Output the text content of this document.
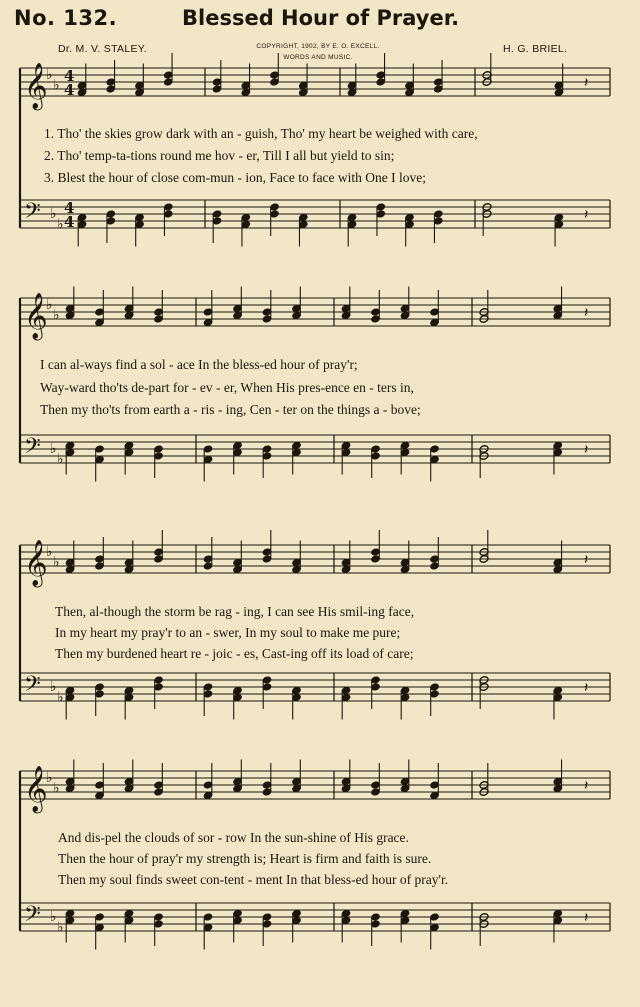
No. 132.	Blessed Hour of Prayer.
Dr. M. V. STALEY.	COPYRIGHT, 1902, BY E. O. EXCELL.
WORDS AND MUSIC.
H. G. BRIEL.
𝄞
♭
♭
4
4	𝄽
𝄢 ♭
♭
4
4	𝄽
𝄞
♭
♭	𝄽
𝄢 ♭
♭
𝄽
𝄞
♭
♭	𝄽
𝄢 ♭
♭
𝄽
𝄞
♭
♭	𝄽
𝄢 ♭
♭
𝄽
1. Tho' the skies grow dark with an - guish, Tho' my heart be weighed with care,
2. Tho' temp-ta-tions round me hov - er, Till I all but yield to sin;
3. Blest the hour of close com-mun - ion, Face to face with One I love;
I can al-ways find a sol - ace In the bless-ed hour of pray'r;
Way-ward tho'ts de-part for - ev - er, When His pres-ence en - ters in,
Then my tho'ts from earth a - ris - ing, Cen - ter on the things a - bove;
Then, al-though the storm be rag - ing, I can see His smil-ing face,
In my heart my pray'r to an - swer, In my soul to make me pure;
Then my burdened heart re - joic - es, Cast-ing off its load of care;
And dis-pel the clouds of sor - row In the sun-shine of His grace.
Then the hour of pray'r my strength is; Heart is firm and faith is sure.
Then my soul finds sweet con-tent - ment In that bless-ed hour of pray'r.
